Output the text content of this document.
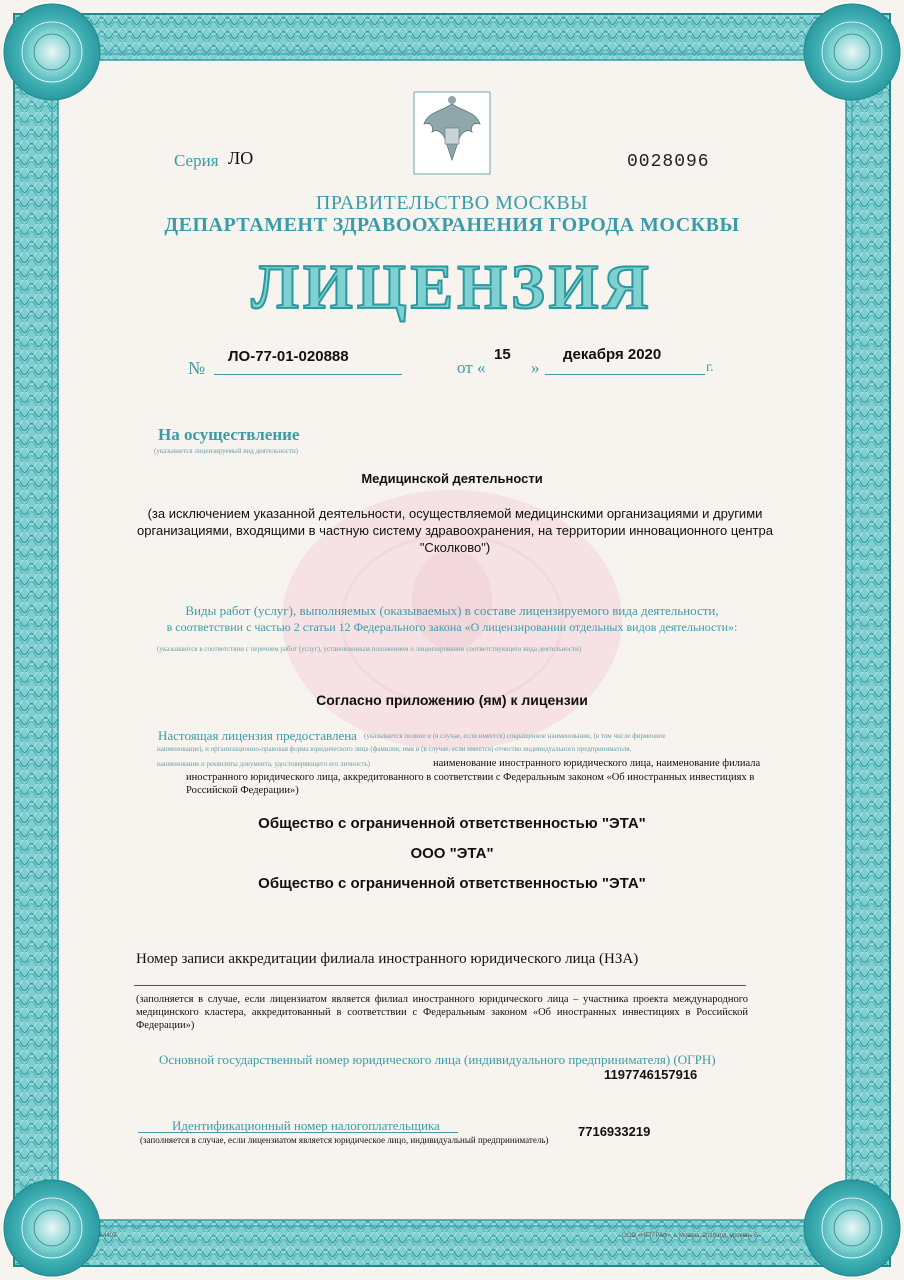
Серия ЛО	0028096
ПРАВИТЕЛЬСТВО МОСКВЫ
ДЕПАРТАМЕНТ ЗДРАВООХРАНЕНИЯ ГОРОДА МОСКВЫ
ЛИЦЕНЗИЯ
№
ЛО-77-01-020888
от «
15
»
декабря 2020
г.
На осуществление
(указывается лицензируемый вид деятельности)
Медицинской деятельности
(за исключением указанной деятельности, осуществляемой медицинскими организациями и другими организациями, входящими в частную систему здравоохранения, на территории инновационного центра "Сколково")
Виды работ (услуг), выполняемых (оказываемых) в составе лицензируемого вида деятельности,
в соответствии с частью 2 статьи 12 Федерального закона «О лицензировании отдельных видов деятельности»:
(указываются в соответствии с перечнем работ (услуг), установленным положением о лицензировании соответствующего вида деятельности)
Согласно приложению (ям) к лицензии
Настоящая лицензия предоставлена (указывается полное и (в случае, если имеется) сокращенное наименование, (в том числе фирменное
наименование), и организационно-правовая форма юридического лица (фамилия, имя и (в случае, если имеется) отчество индивидуального предпринимателя,
наименование и реквизиты документа, удостоверяющего его личность)	наименование иностранного юридического лица, наименование филиала
иностранного юридического лица, аккредитованного в соответствии с Федеральным законом «Об иностранных инвестициях в
Российской Федерации»)
Общество с ограниченной ответственностью "ЭТА"
ООО "ЭТА"
Общество с ограниченной ответственностью "ЭТА"
Номер записи аккредитации филиала иностранного юридического лица (НЗА)
(заполняется в случае, если лицензиатом является филиал иностранного юридического лица – участника проекта международного медицинского кластера, аккредитованный в соответствии с Федеральным законом «Об иностранных инвестициях в Российской Федерации»)
Основной государственный номер юридического лица (индивидуального предпринимателя) (ОГРН)
1197746157916
Идентификационный номер налогоплательщика
(заполняется в случае, если лицензиатом является юридическое лицо, индивидуальный предприниматель)
7716933219
А4407	ООО «НГТГРАФ», г. Москва, 2018 год, уровень Б
